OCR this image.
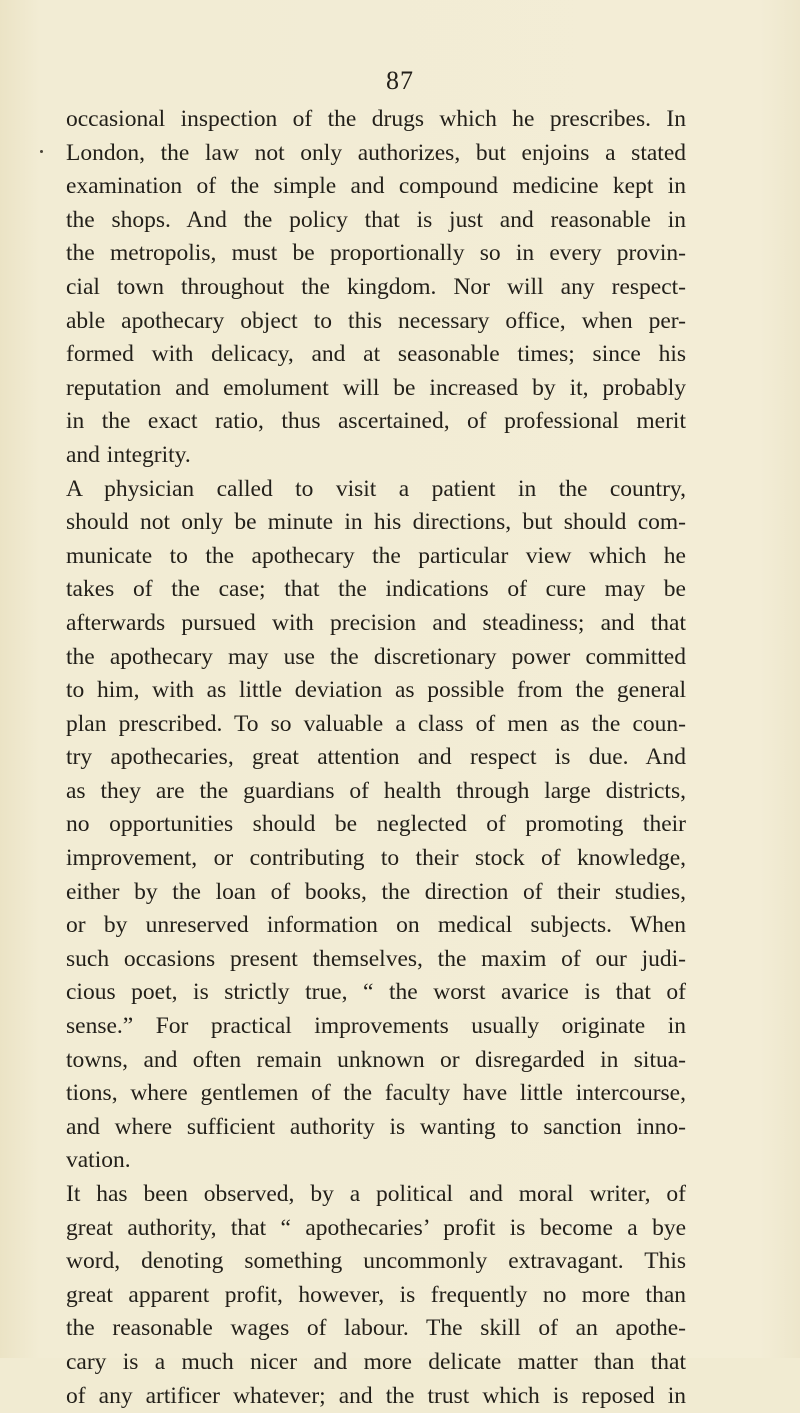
87
occasional inspection of the drugs which he prescribes. In
London, the law not only authorizes, but enjoins a stated
examination of the simple and compound medicine kept in
the shops. And the policy that is just and reasonable in
the metropolis, must be proportionally so in every provin-
cial town throughout the kingdom. Nor will any respect-
able apothecary object to this necessary office, when per-
formed with delicacy, and at seasonable times; since his
reputation and emolument will be increased by it, probably
in the exact ratio, thus ascertained, of professional merit
and integrity.
A physician called to visit a patient in the country,
should not only be minute in his directions, but should com-
municate to the apothecary the particular view which he
takes of the case; that the indications of cure may be
afterwards pursued with precision and steadiness; and that
the apothecary may use the discretionary power committed
to him, with as little deviation as possible from the general
plan prescribed. To so valuable a class of men as the coun-
try apothecaries, great attention and respect is due. And
as they are the guardians of health through large districts,
no opportunities should be neglected of promoting their
improvement, or contributing to their stock of knowledge,
either by the loan of books, the direction of their studies,
or by unreserved information on medical subjects. When
such occasions present themselves, the maxim of our judi-
cious poet, is strictly true, “ the worst avarice is that of
sense.” For practical improvements usually originate in
towns, and often remain unknown or disregarded in situa-
tions, where gentlemen of the faculty have little intercourse,
and where sufficient authority is wanting to sanction inno-
vation.
It has been observed, by a political and moral writer, of
great authority, that “ apothecaries’ profit is become a bye
word, denoting something uncommonly extravagant. This
great apparent profit, however, is frequently no more than
the reasonable wages of labour. The skill of an apothe-
cary is a much nicer and more delicate matter than that
of any artificer whatever; and the trust which is reposed in
